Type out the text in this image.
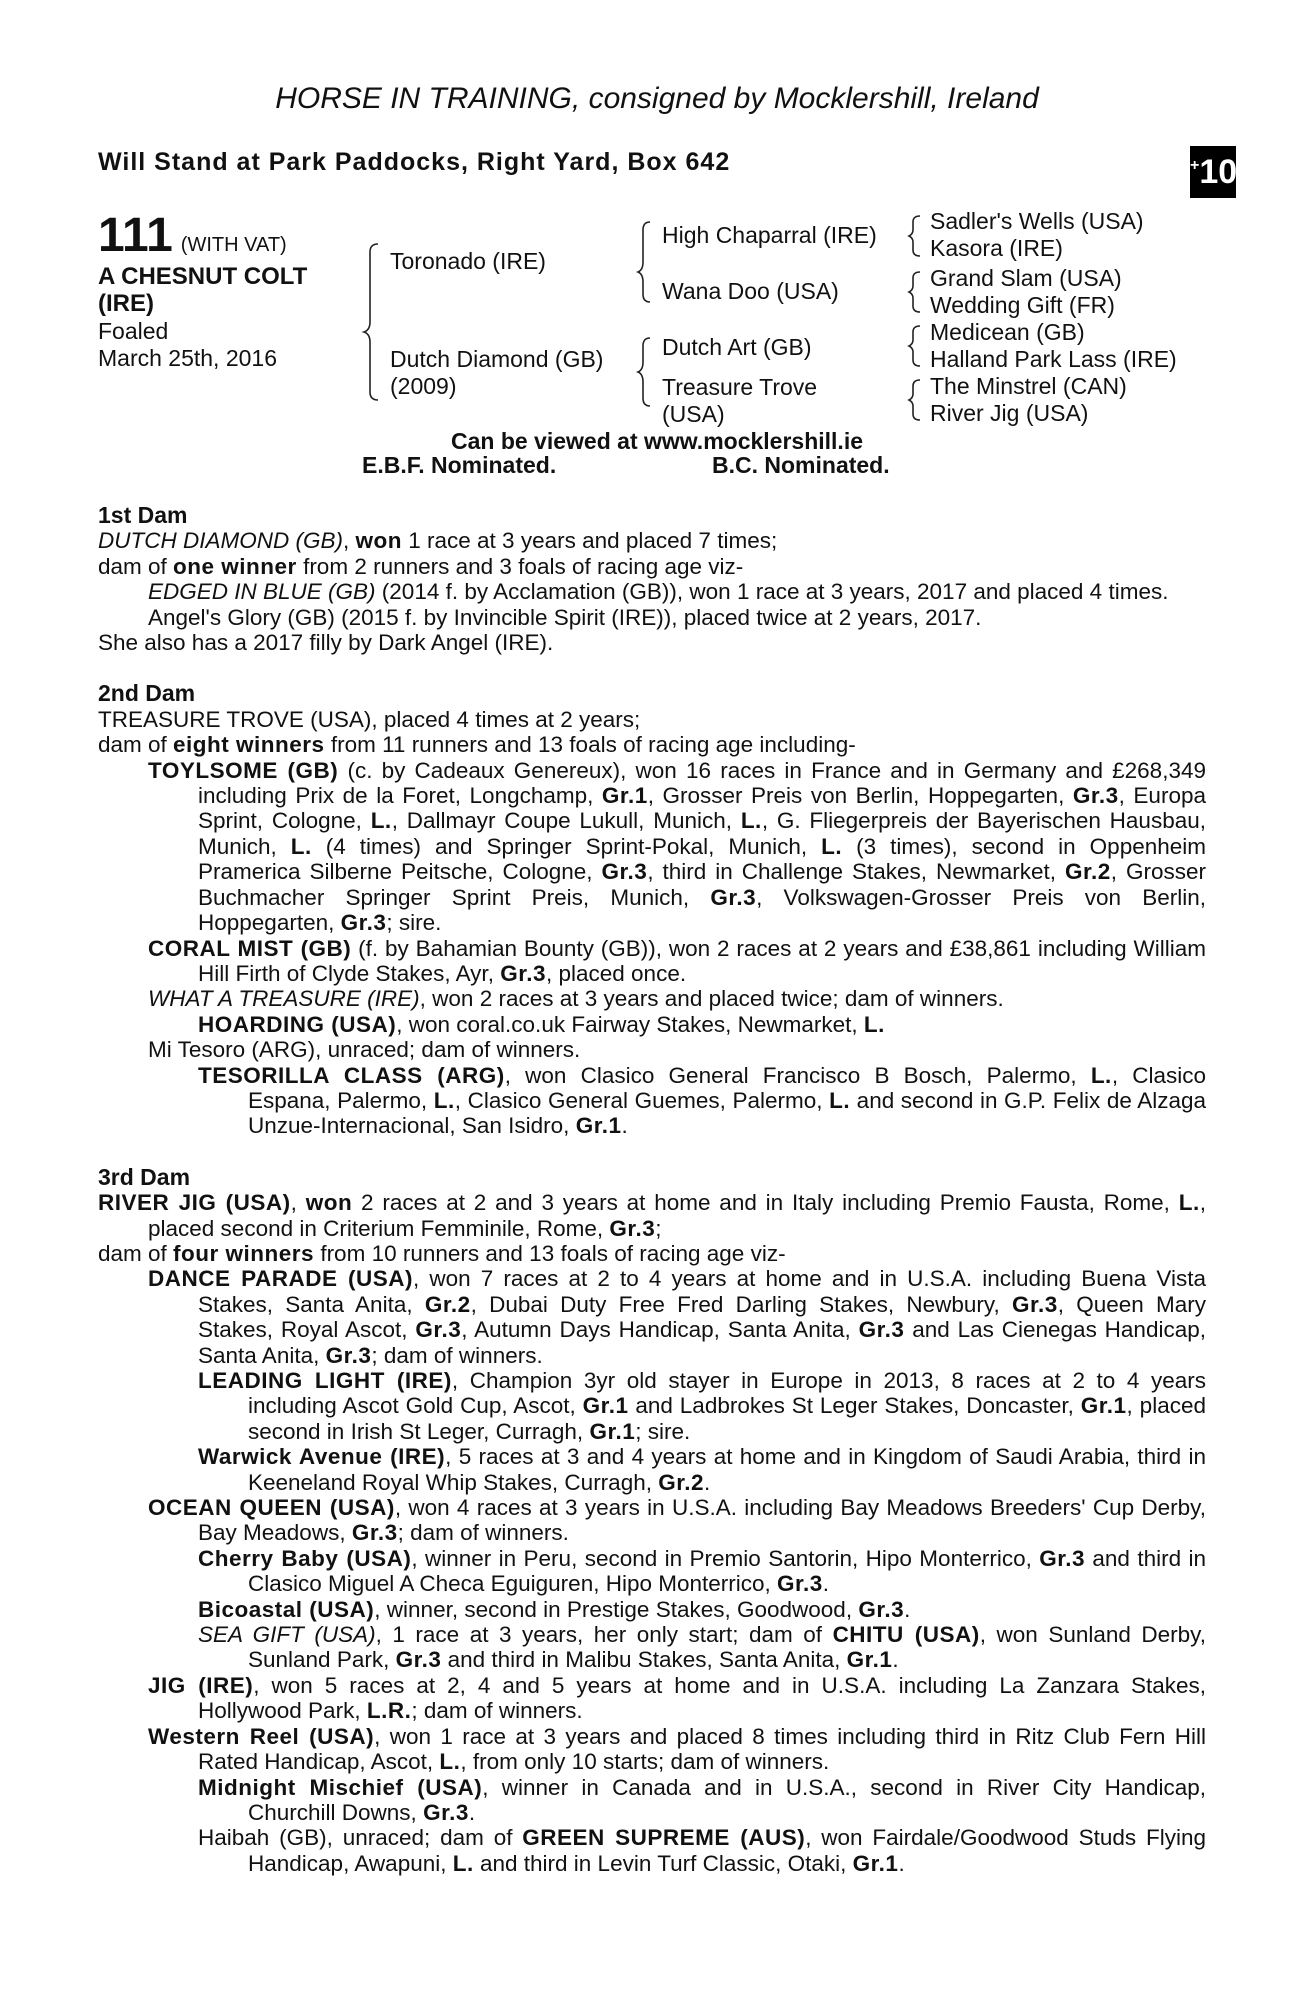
HORSE IN TRAINING, consigned by Mocklershill, Ireland
Will Stand at Park Paddocks, Right Yard, Box 642	+10
111 (WITH VAT)
A CHESNUT COLT (IRE)
Foaled
March 25th, 2016
Toronado (IRE)
Dutch Diamond (GB)
(2009)
High Chaparral (IRE)
Wana Doo (USA)
Dutch Art (GB)
Treasure Trove
(USA)
Sadler's Wells (USA)
Kasora (IRE)
Grand Slam (USA)
Wedding Gift (FR)
Medicean (GB)
Halland Park Lass (IRE)
The Minstrel (CAN)
River Jig (USA)
Can be viewed at www.mocklershill.ie
E.B.F. Nominated.	B.C. Nominated.

1st Dam

DUTCH DIAMOND (GB), won 1 race at 3 years and placed 7 times;

dam of one winner from 2 runners and 3 foals of racing age viz-

EDGED IN BLUE (GB) (2014 f. by Acclamation (GB)), won 1 race at 3 years, 2017 and placed 4 times.

Angel's Glory (GB) (2015 f. by Invincible Spirit (IRE)), placed twice at 2 years, 2017.

She also has a 2017 filly by Dark Angel (IRE).

2nd Dam

TREASURE TROVE (USA), placed 4 times at 2 years;

dam of eight winners from 11 runners and 13 foals of racing age including-

TOYLSOME (GB) (c. by Cadeaux Genereux), won 16 races in France and in Germany and £268,349 including Prix de la Foret, Longchamp, Gr.1, Grosser Preis von Berlin, Hoppegarten, Gr.3, Europa Sprint, Cologne, L., Dallmayr Coupe Lukull, Munich, L., G. Fliegerpreis der Bayerischen Hausbau, Munich, L. (4 times) and Springer Sprint-Pokal, Munich, L. (3 times), second in Oppenheim Pramerica Silberne Peitsche, Cologne, Gr.3, third in Challenge Stakes, Newmarket, Gr.2, Grosser Buchmacher Springer Sprint Preis, Munich, Gr.3, Volkswagen-Grosser Preis von Berlin, Hoppegarten, Gr.3; sire.

CORAL MIST (GB) (f. by Bahamian Bounty (GB)), won 2 races at 2 years and £38,861 including William Hill Firth of Clyde Stakes, Ayr, Gr.3, placed once.

WHAT A TREASURE (IRE), won 2 races at 3 years and placed twice; dam of winners.

HOARDING (USA), won coral.co.uk Fairway Stakes, Newmarket, L.

Mi Tesoro (ARG), unraced; dam of winners.

TESORILLA CLASS (ARG), won Clasico General Francisco B Bosch, Palermo, L., Clasico Espana, Palermo, L., Clasico General Guemes, Palermo, L. and second in G.P. Felix de Alzaga Unzue-Internacional, San Isidro, Gr.1.

3rd Dam

RIVER JIG (USA), won 2 races at 2 and 3 years at home and in Italy including Premio Fausta, Rome, L., placed second in Criterium Femminile, Rome, Gr.3;

dam of four winners from 10 runners and 13 foals of racing age viz-

DANCE PARADE (USA), won 7 races at 2 to 4 years at home and in U.S.A. including Buena Vista Stakes, Santa Anita, Gr.2, Dubai Duty Free Fred Darling Stakes, Newbury, Gr.3, Queen Mary Stakes, Royal Ascot, Gr.3, Autumn Days Handicap, Santa Anita, Gr.3 and Las Cienegas Handicap, Santa Anita, Gr.3; dam of winners.

LEADING LIGHT (IRE), Champion 3yr old stayer in Europe in 2013, 8 races at 2 to 4 years including Ascot Gold Cup, Ascot, Gr.1 and Ladbrokes St Leger Stakes, Doncaster, Gr.1, placed second in Irish St Leger, Curragh, Gr.1; sire.

Warwick Avenue (IRE), 5 races at 3 and 4 years at home and in Kingdom of Saudi Arabia, third in Keeneland Royal Whip Stakes, Curragh, Gr.2.

OCEAN QUEEN (USA), won 4 races at 3 years in U.S.A. including Bay Meadows Breeders' Cup Derby, Bay Meadows, Gr.3; dam of winners.

Cherry Baby (USA), winner in Peru, second in Premio Santorin, Hipo Monterrico, Gr.3 and third in Clasico Miguel A Checa Eguiguren, Hipo Monterrico, Gr.3.

Bicoastal (USA), winner, second in Prestige Stakes, Goodwood, Gr.3.

SEA GIFT (USA), 1 race at 3 years, her only start; dam of CHITU (USA), won Sunland Derby, Sunland Park, Gr.3 and third in Malibu Stakes, Santa Anita, Gr.1.

JIG (IRE), won 5 races at 2, 4 and 5 years at home and in U.S.A. including La Zanzara Stakes, Hollywood Park, L.R.; dam of winners.

Western Reel (USA), won 1 race at 3 years and placed 8 times including third in Ritz Club Fern Hill Rated Handicap, Ascot, L., from only 10 starts; dam of winners.

Midnight Mischief (USA), winner in Canada and in U.S.A., second in River City Handicap, Churchill Downs, Gr.3.

Haibah (GB), unraced; dam of GREEN SUPREME (AUS), won Fairdale/Goodwood Studs Flying Handicap, Awapuni, L. and third in Levin Turf Classic, Otaki, Gr.1.
